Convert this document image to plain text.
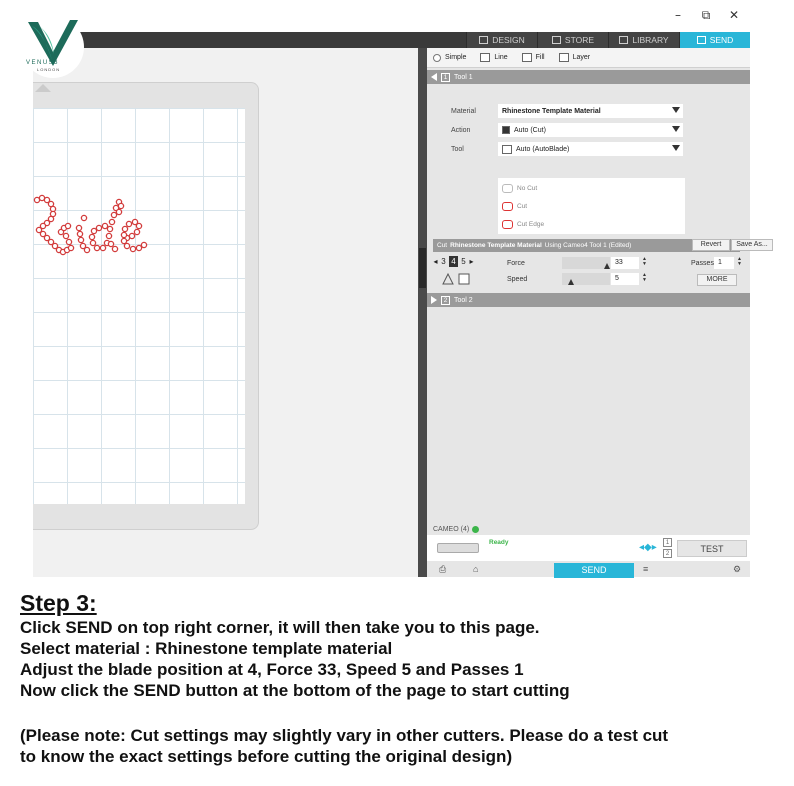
–	⧉	✕
VENUS3
LONDON
DESIGN	STORE	LIBRARY	SEND
Simple	Line	Fill	Layer
1 Tool 1
Material	Rhinestone Template Material
Action	Auto (Cut)
Tool	Auto (AutoBlade)
No Cut
Cut
Cut Edge
Cut Rhinestone Template Material Using Cameo4 Tool 1 (Edited)	Revert	Save As...
◂ 3 4 5 ▸	Force	33	▲
▼
Speed	5	▲
▼
Passes 1	▲
▼
MORE
2 Tool 2
CAMEO (4)
Ready	◂◆▸	1
2	TEST
⎙	⌂	SEND	≡	⚙
Step 3:
Click SEND on top right corner, it will then take you to this page.
Select material : Rhinestone template material
Adjust the blade position at 4, Force 33, Speed 5 and Passes 1
Now click the SEND button at the bottom of the page to start cutting
(Please note: Cut settings may slightly vary in other cutters. Please do a test cut
to know the exact settings before cutting the original design)
